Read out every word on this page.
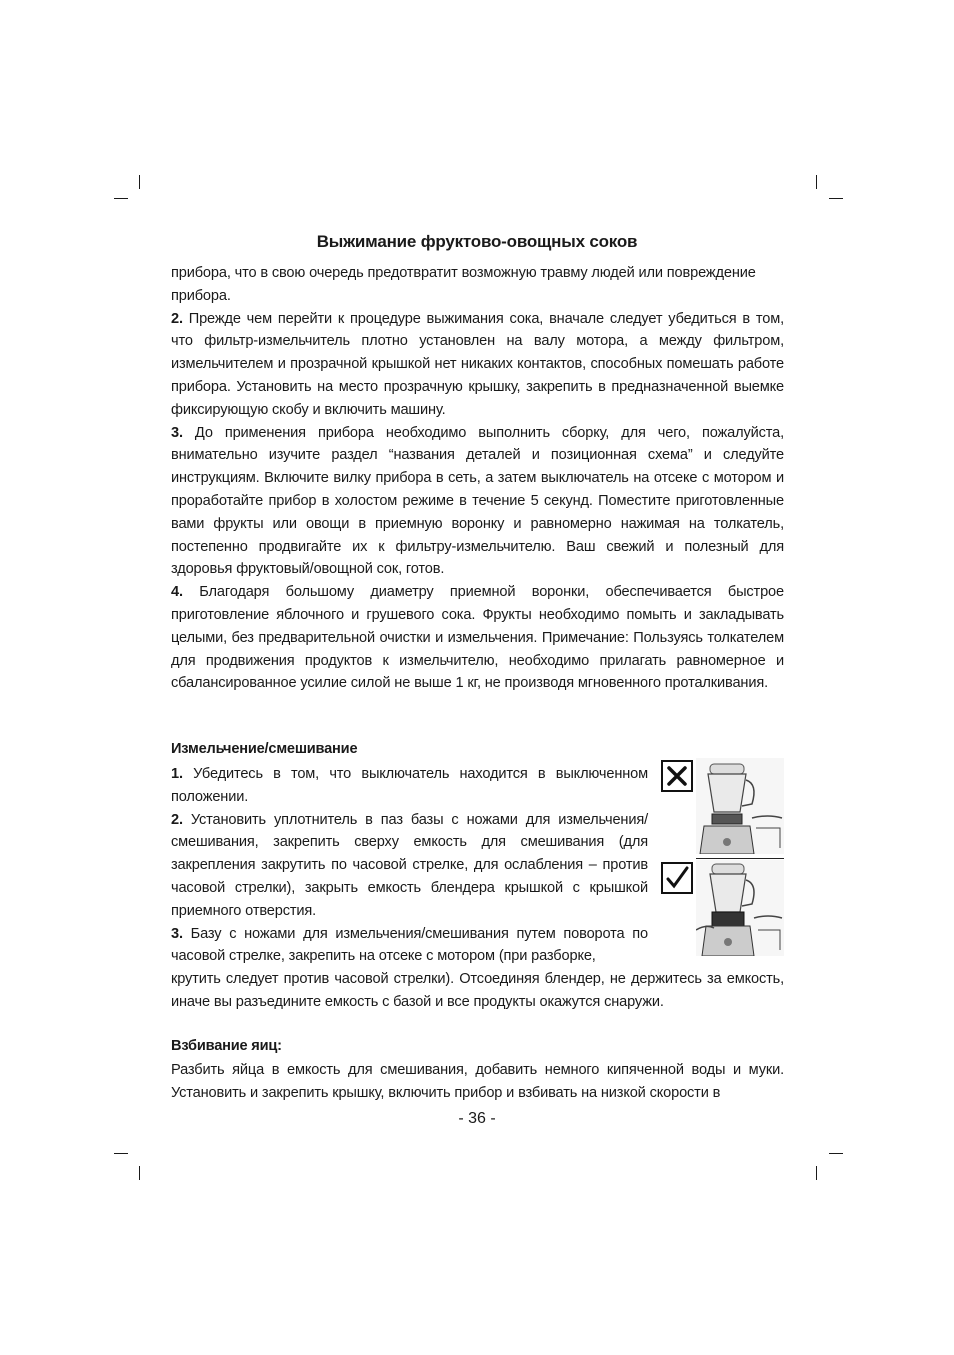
Выжимание фруктово-овощных соков

прибора, что в свою очередь предотвратит возможную травму людей или повреждение

прибора.

2. Прежде чем перейти к процедуре выжимания сока, вначале следует убедиться в том, что фильтр-измельчитель плотно установлен на валу мотора, а между фильтром, измельчителем и прозрачной крышкой нет никаких контактов, способных помешать работе прибора. Установить на место прозрачную крышку, закрепить в предназначенной выемке фиксирующую скобу и включить машину.

3. До применения прибора необходимо выполнить сборку, для чего, пожалуйста, внимательно изучите раздел “названия деталей и позиционная схема” и следуйте инструкциям. Включите вилку прибора в сеть, а затем выключатель на отсеке с мотором и проработайте прибор в холостом режиме в течение 5 секунд. Поместите приготовленные вами фрукты или овощи в приемную воронку и равномерно нажимая на толкатель, постепенно продвигайте их к фильтру-измельчителю. Ваш свежий и полезный для здоровья фруктовый/овощной сок, готов.

4. Благодаря большому диаметру приемной воронки, обеспечивается быстрое приготовление яблочного и грушевого сока. Фрукты необходимо помыть и закладывать целыми, без предварительной очистки и измельчения. Примечание: Пользуясь толкателем для продвижения продуктов к измельчителю, необходимо прилагать равномерное и сбалансированное усилие силой не выше 1 кг, не производя мгновенного проталкивания.

Измельчение/смешивание

1. Убедитесь в том, что выключатель находится в выключенном положении.

2. Установить уплотнитель в паз базы с ножами для измельчения/смешивания, закрепить сверху емкость для смешивания (для закрепления закрутить по часовой стрелке, для ослабления – против часовой стрелки), закрыть емкость блендера крышкой с крышкой приемного отверстия.

3. Базу с ножами для измельчения/смешивания путем поворота по часовой стрелке, закрепить на отсеке с мотором (при разборке,

крутить следует против часовой стрелки). Отсоединяя блендер, не держитесь за емкость, иначе вы разъедините емкость с базой и все продукты окажутся снаружи.
Взбивание яиц:
Разбить яйца в емкость для смешивания, добавить немного кипяченной воды и муки. Установить и закрепить крышку, включить прибор и взбивать на низкой скорости в
- 36 -
